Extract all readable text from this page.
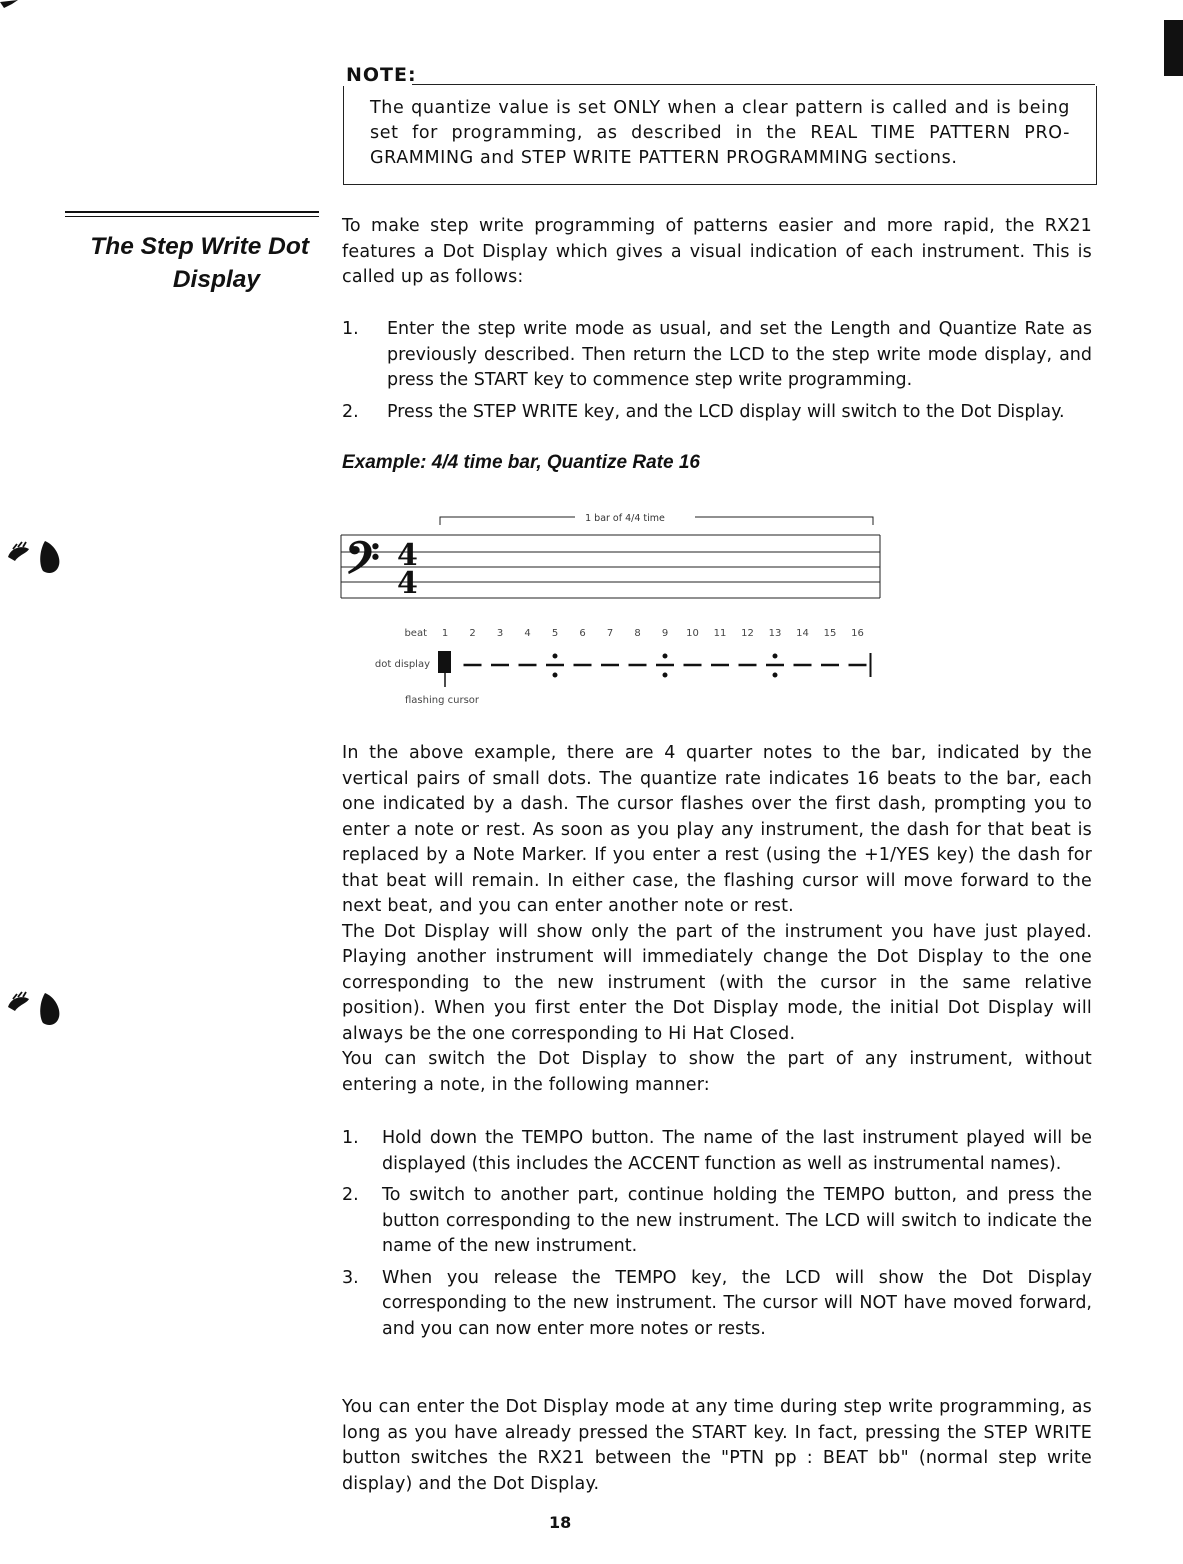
NOTE:
The quantize value is set ONLY when a clear pattern is called and is being set for programming, as described in the REAL TIME PATTERN PRO-GRAMMING and STEP WRITE PATTERN PROGRAMMING sections.
The Step Write Dot
Display
To make step write programming of patterns easier and more rapid, the RX21 features a Dot Display which gives a visual indication of each instrument. This is called up as follows:
1. Enter the step write mode as usual, and set the Length and Quantize Rate as previously described. Then return the LCD to the step write mode display, and press the START key to commence step write programming.
2. Press the STEP WRITE key, and the LCD display will switch to the Dot Display.
Example: 4/4 time bar, Quantize Rate 16
1 bar of 4/4 time
𝄢 4
4
beat
dot display
flashing cursor
1 2 3 4 5 6 7 8 9 10 11 12 13 14 15 16
In the above example, there are 4 quarter notes to the bar, indicated by the vertical pairs of small dots. The quantize rate indicates 16 beats to the bar, each one indicated by a dash. The cursor flashes over the first dash, prompting you to enter a note or rest. As soon as you play any instrument, the dash for that beat is replaced by a Note Marker. If you enter a rest (using the +1/YES key) the dash for that beat will remain. In either case, the flashing cursor will move forward to the next beat, and you can enter another note or rest.
The Dot Display will show only the part of the instrument you have just played. Playing another instrument will immediately change the Dot Display to the one corresponding to the new instrument (with the cursor in the same relative position). When you first enter the Dot Display mode, the initial Dot Display will always be the one corresponding to Hi Hat Closed.
You can switch the Dot Display to show the part of any instrument, without entering a note, in the following manner:
1. Hold down the TEMPO button. The name of the last instrument played will be displayed (this includes the ACCENT function as well as instrumental names).
2. To switch to another part, continue holding the TEMPO button, and press the button corresponding to the new instrument. The LCD will switch to indicate the name of the new instrument.
3. When you release the TEMPO key, the LCD will show the Dot Display corresponding to the new instrument. The cursor will NOT have moved forward, and you can now enter more notes or rests.
You can enter the Dot Display mode at any time during step write programming, as long as you have already pressed the START key. In fact, pressing the STEP WRITE button switches the RX21 between the "PTN pp : BEAT bb" (normal step write display) and the Dot Display.
18
